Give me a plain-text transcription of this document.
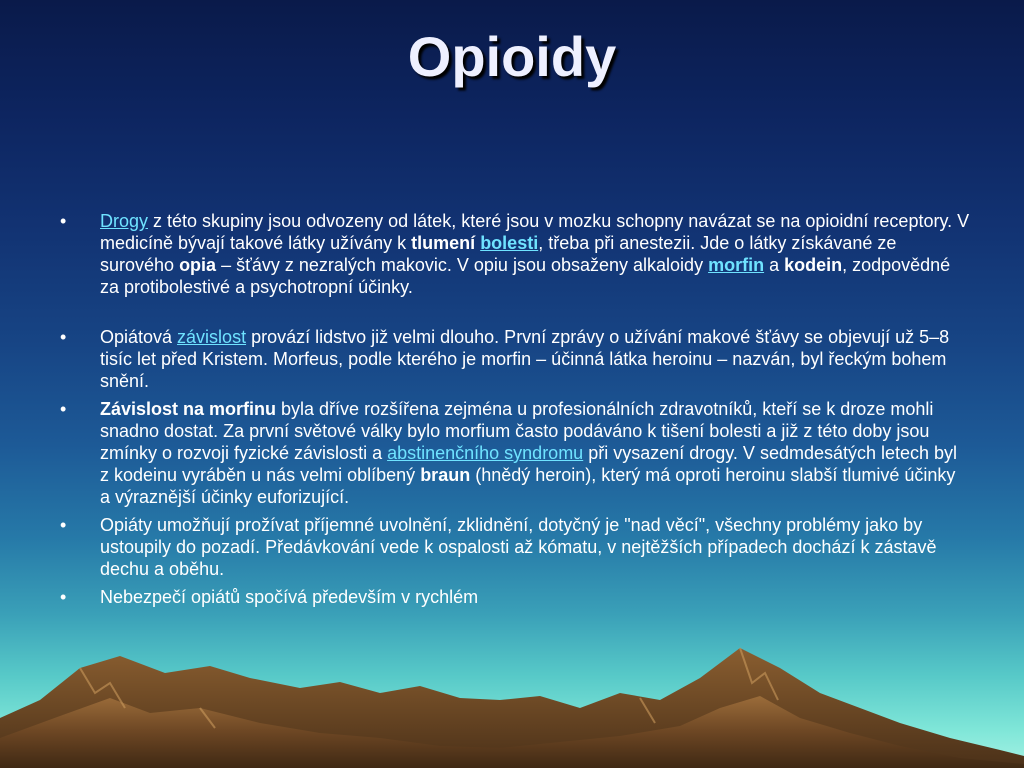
Opioidy
•	Drogy z této skupiny jsou odvozeny od látek, které jsou v mozku schopny navázat se na opioidní receptory. V medicíně bývají takové látky užívány k tlumení bolesti, třeba při anestezii. Jde o látky získávané ze surového opia – šťávy z nezralých makovic. V opiu jsou obsaženy alkaloidy morfin a kodein, zodpovědné za protibolestivé a psychotropní účinky.
•	Opiátová závislost provází lidstvo již velmi dlouho. První zprávy o užívání makové šťávy se objevují už 5–8 tisíc let před Kristem. Morfeus, podle kterého je morfin – účinná látka heroinu – nazván, byl řeckým bohem snění.
•	Závislost na morfinu byla dříve rozšířena zejména u profesionálních zdravotníků, kteří se k droze mohli snadno dostat. Za první světové války bylo morfium často podáváno k tišení bolesti a již z této doby jsou zmínky o rozvoji fyzické závislosti a abstinenčního syndromu při vysazení drogy. V sedmdesátých letech byl z kodeinu vyráběn u nás velmi oblíbený braun (hnědý heroin), který má oproti heroinu slabší tlumivé účinky a výraznější účinky euforizující.
•	Opiáty umožňují prožívat příjemné uvolnění, zklidnění, dotyčný je "nad věcí", všechny problémy jako by ustoupily do pozadí. Předávkování vede k ospalosti až kómatu, v nejtěžších případech dochází k zástavě dechu a oběhu.
•	Nebezpečí opiátů spočívá především v rychlém
